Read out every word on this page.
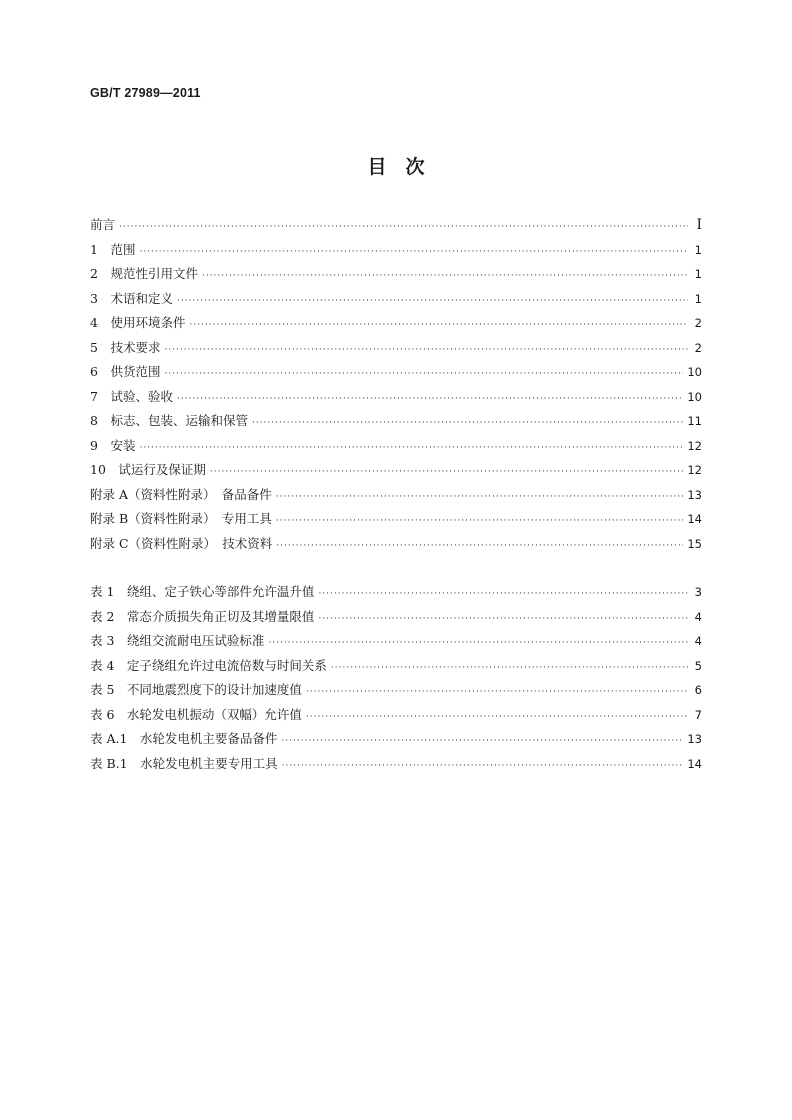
GB/T 27989—2011
目　次
前言 ·····	Ⅰ
1　范围 ·····	1
2　规范性引用文件 ·····	1
3　术语和定义 ·····	1
4　使用环境条件 ·····	2
5　技术要求 ·····	2
6　供货范围 ·····	10
7　试验、验收 ·····	10
8　标志、包装、运输和保管 ·····	11
9　安装 ·····	12
10　试运行及保证期 ·····	12
附录 A（资料性附录）　备品备件 ·····	13
附录 B（资料性附录）　专用工具 ·····	14
附录 C（资料性附录）　技术资料 ·····	15
表 1　绕组、定子铁心等部件允许温升值 ·····	3
表 2　常态介质损失角正切及其增量限值 ·····	4
表 3　绕组交流耐电压试验标准 ·····	4
表 4　定子绕组允许过电流倍数与时间关系 ·····	5
表 5　不同地震烈度下的设计加速度值 ·····	6
表 6　水轮发电机振动（双幅）允许值 ·····	7
表 A.1　水轮发电机主要备品备件 ·····	13
表 B.1　水轮发电机主要专用工具 ·····	14
